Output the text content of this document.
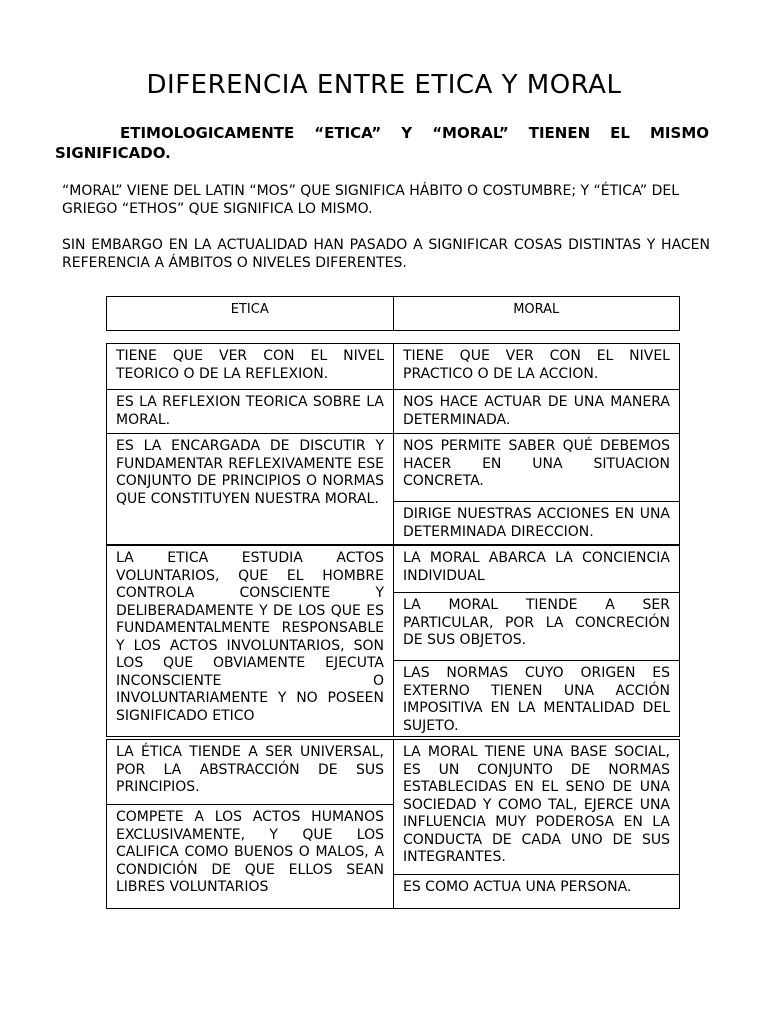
DIFERENCIA ENTRE ETICA Y MORAL
ETIMOLOGICAMENTE “ETICA” Y “MORAL” TIENEN EL MISMO SIGNIFICADO.
“MORAL” VIENE DEL LATIN “MOS” QUE SIGNIFICA HÁBITO O COSTUMBRE; Y “ÉTICA” DEL GRIEGO “ETHOS” QUE SIGNIFICA LO MISMO.
SIN EMBARGO EN LA ACTUALIDAD HAN PASADO A SIGNIFICAR COSAS DISTINTAS Y HACEN REFERENCIA A ÁMBITOS O NIVELES DIFERENTES.
ETICA	MORAL
TIENE QUE VER CON EL NIVEL TEORICO O DE LA REFLEXION.
ES LA REFLEXION TEORICA SOBRE LA MORAL.
ES LA ENCARGADA DE DISCUTIR Y FUNDAMENTAR REFLEXIVAMENTE ESE CONJUNTO DE PRINCIPIOS O NORMAS QUE CONSTITUYEN NUESTRA MORAL.
TIENE QUE VER CON EL NIVEL PRACTICO O DE LA ACCION.
NOS HACE ACTUAR DE UNA MANERA DETERMINADA.
NOS PERMITE SABER QUÉ DEBEMOS HACER EN UNA SITUACION CONCRETA.
DIRIGE NUESTRAS ACCIONES EN UNA DETERMINADA DIRECCION.
LA ETICA ESTUDIA ACTOS VOLUNTARIOS, QUE EL HOMBRE CONTROLA CONSCIENTE Y DELIBERADAMENTE Y DE LOS QUE ES FUNDAMENTALMENTE RESPONSABLE Y LOS ACTOS INVOLUNTARIOS, SON LOS QUE OBVIAMENTE EJECUTA INCONSCIENTE O INVOLUNTARIAMENTE Y NO POSEEN SIGNIFICADO ETICO
LA MORAL ABARCA LA CONCIENCIA INDIVIDUAL
LA MORAL TIENDE A SER PARTICULAR, POR LA CONCRECIÓN DE SUS OBJETOS.
LAS NORMAS CUYO ORIGEN ES EXTERNO TIENEN UNA ACCIÓN IMPOSITIVA EN LA MENTALIDAD DEL SUJETO.
LA ÉTICA TIENDE A SER UNIVERSAL, POR LA ABSTRACCIÓN DE SUS PRINCIPIOS.
COMPETE A LOS ACTOS HUMANOS EXCLUSIVAMENTE, Y QUE LOS CALIFICA COMO BUENOS O MALOS, A CONDICIÓN DE QUE ELLOS SEAN LIBRES VOLUNTARIOS
LA MORAL TIENE UNA BASE SOCIAL, ES UN CONJUNTO DE NORMAS ESTABLECIDAS EN EL SENO DE UNA SOCIEDAD Y COMO TAL, EJERCE UNA INFLUENCIA MUY PODEROSA EN LA CONDUCTA DE CADA UNO DE SUS INTEGRANTES.
ES COMO ACTUA UNA PERSONA.
